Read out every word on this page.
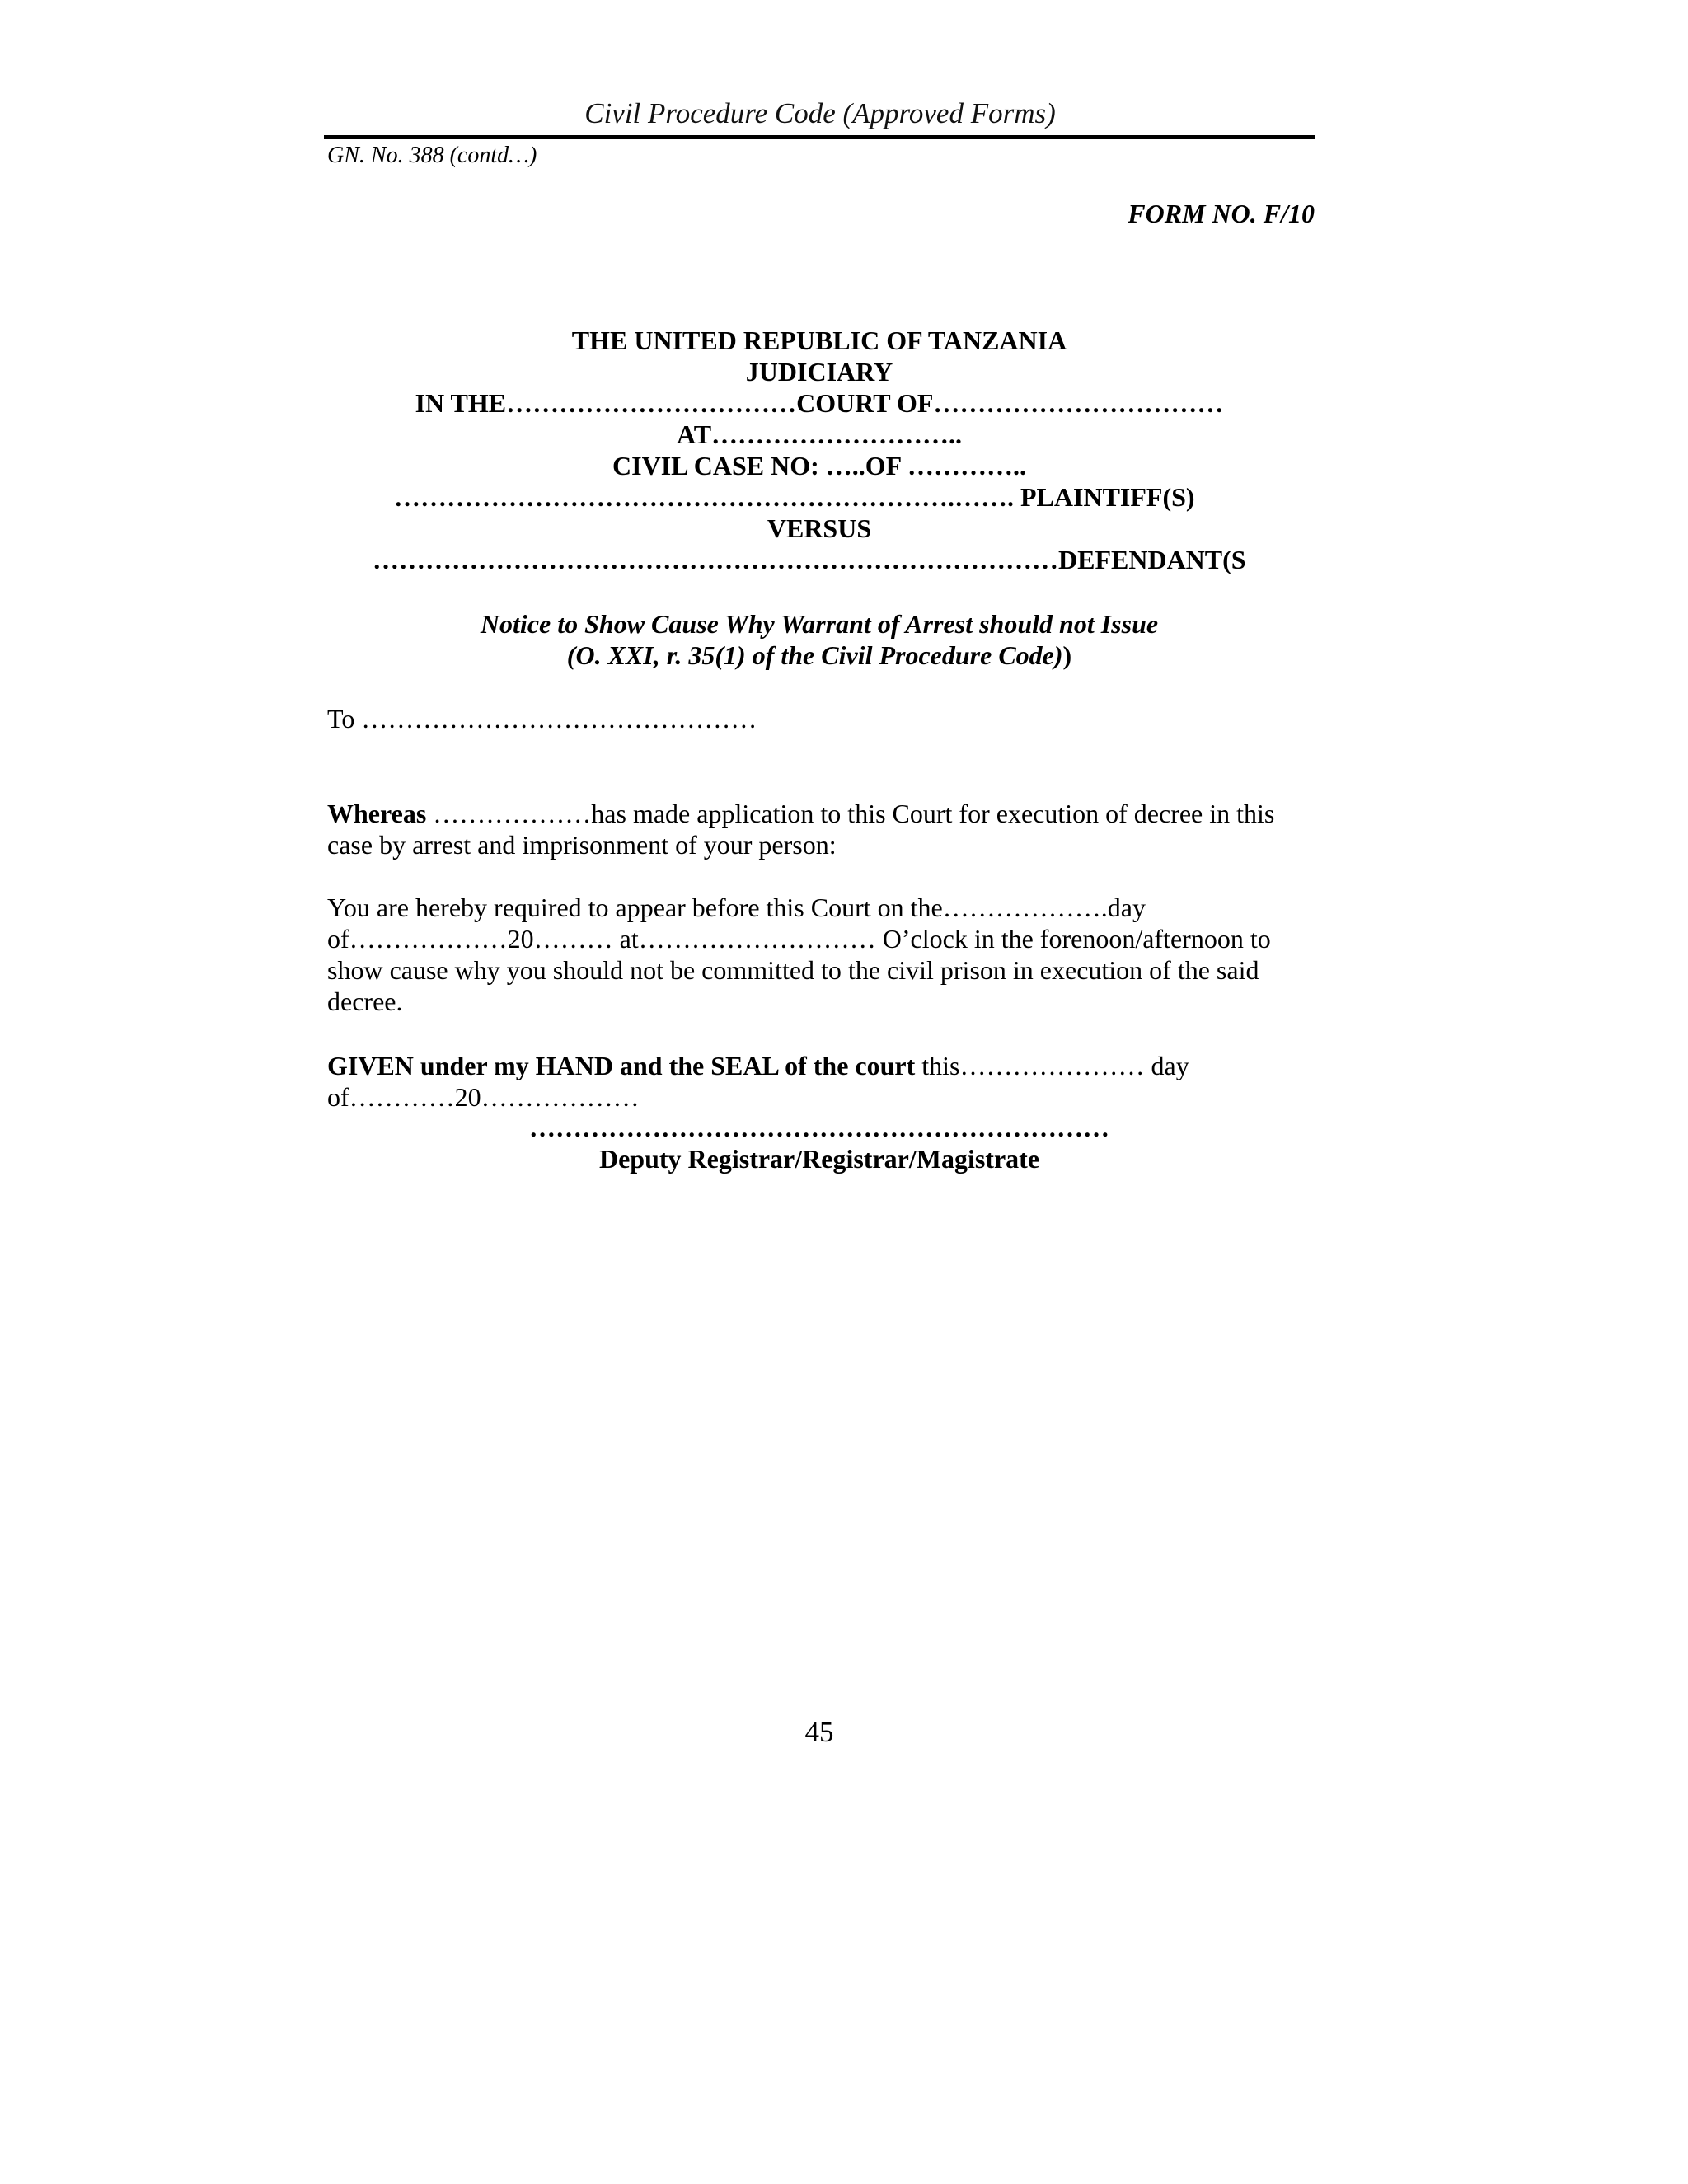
Civil Procedure Code (Approved Forms)
GN. No. 388 (contd…)
FORM NO. F/10
THE UNITED REPUBLIC OF TANZANIA
JUDICIARY
IN THE……………………………COURT OF……………………………
AT………………………..
CIVIL CASE NO: …..OF …………..
……………………………………………………….……. PLAINTIFF(S)
VERSUS
……………………………………………………………………DEFENDANT(S
Notice to Show Cause Why Warrant of Arrest should not Issue
(O. XXI, r. 35(1) of the Civil Procedure Code))
To ………………………………………
Whereas ………………has made application to this Court for execution of decree in this case by arrest and imprisonment of your person:
You are hereby required to appear before this Court on the……………….day
of………………20……… at……………………… O’clock in the forenoon/afternoon to
show cause why you should not be committed to the civil prison in execution of the said
decree.
GIVEN under my HAND and the SEAL of the court this………………… day
of…………20………………
…………………………………………………………
Deputy Registrar/Registrar/Magistrate
45
